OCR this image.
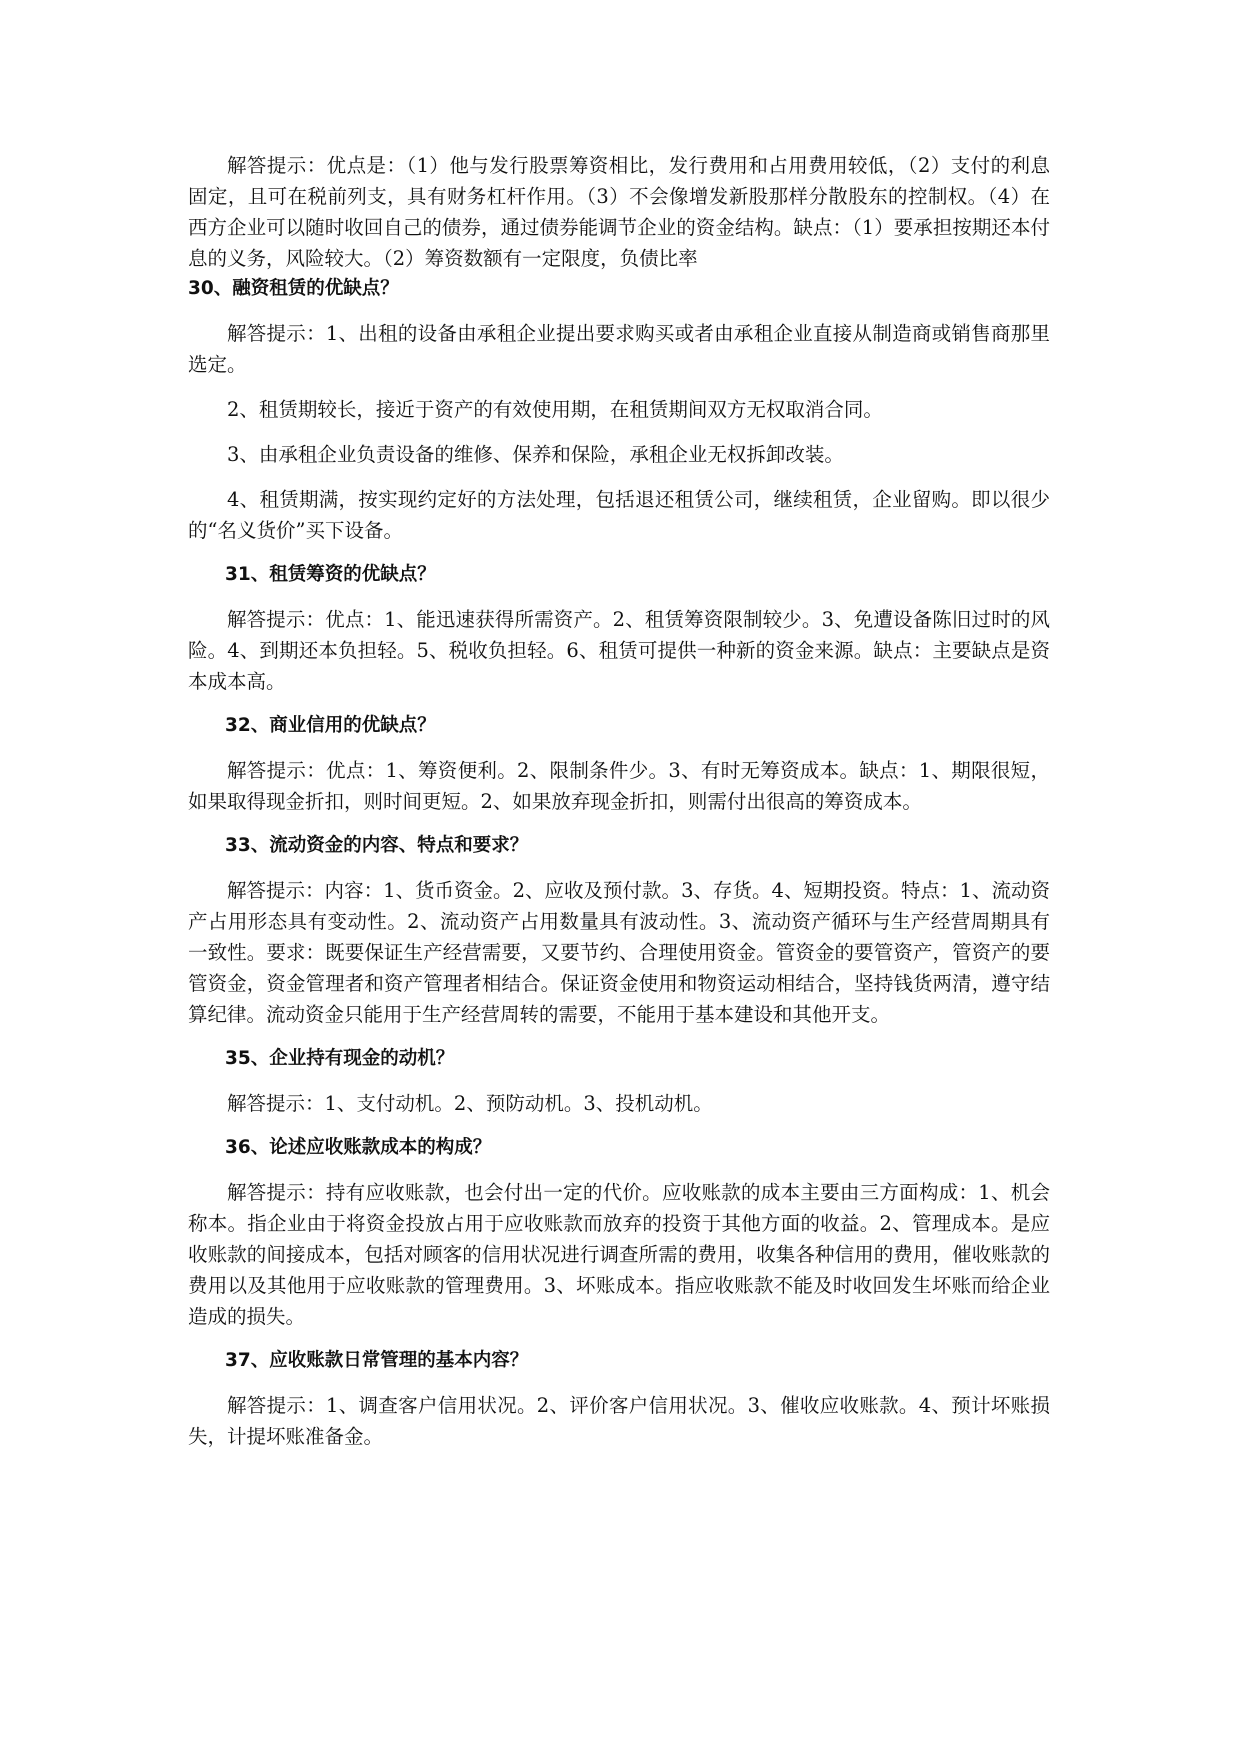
解答提示：优点是：（1）他与发行股票筹资相比，发行费用和占用费用较低，（2）支付的利息固定，且可在税前列支，具有财务杠杆作用。（3）不会像增发新股那样分散股东的控制权。（4）在西方企业可以随时收回自己的债券，通过债券能调节企业的资金结构。缺点：（1）要承担按期还本付息的义务，风险较大。（2）筹资数额有一定限度，负债比率

30、融资租赁的优缺点？

解答提示：1、出租的设备由承租企业提出要求购买或者由承租企业直接从制造商或销售商那里选定。

2、租赁期较长，接近于资产的有效使用期，在租赁期间双方无权取消合同。

3、由承租企业负责设备的维修、保养和保险，承租企业无权拆卸改装。

4、租赁期满，按实现约定好的方法处理，包括退还租赁公司，继续租赁，企业留购。即以很少的“名义货价”买下设备。

31、租赁筹资的优缺点？

解答提示：优点：1、能迅速获得所需资产。2、租赁筹资限制较少。3、免遭设备陈旧过时的风险。4、到期还本负担轻。5、税收负担轻。6、租赁可提供一种新的资金来源。缺点：主要缺点是资本成本高。

32、商业信用的优缺点？

解答提示：优点：1、筹资便利。2、限制条件少。3、有时无筹资成本。缺点：1、期限很短，如果取得现金折扣，则时间更短。2、如果放弃现金折扣，则需付出很高的筹资成本。

33、流动资金的内容、特点和要求？

解答提示：内容：1、货币资金。2、应收及预付款。3、存货。4、短期投资。特点：1、流动资产占用形态具有变动性。2、流动资产占用数量具有波动性。3、流动资产循环与生产经营周期具有一致性。要求：既要保证生产经营需要，又要节约、合理使用资金。管资金的要管资产，管资产的要管资金，资金管理者和资产管理者相结合。保证资金使用和物资运动相结合，坚持钱货两清，遵守结算纪律。流动资金只能用于生产经营周转的需要，不能用于基本建设和其他开支。

35、企业持有现金的动机？

解答提示：1、支付动机。2、预防动机。3、投机动机。

36、论述应收账款成本的构成？

解答提示：持有应收账款，也会付出一定的代价。应收账款的成本主要由三方面构成：1、机会称本。指企业由于将资金投放占用于应收账款而放弃的投资于其他方面的收益。2、管理成本。是应收账款的间接成本，包括对顾客的信用状况进行调查所需的费用，收集各种信用的费用，催收账款的费用以及其他用于应收账款的管理费用。3、坏账成本。指应收账款不能及时收回发生坏账而给企业造成的损失。

37、应收账款日常管理的基本内容？

解答提示：1、调查客户信用状况。2、评价客户信用状况。3、催收应收账款。4、预计坏账损失，计提坏账准备金。
